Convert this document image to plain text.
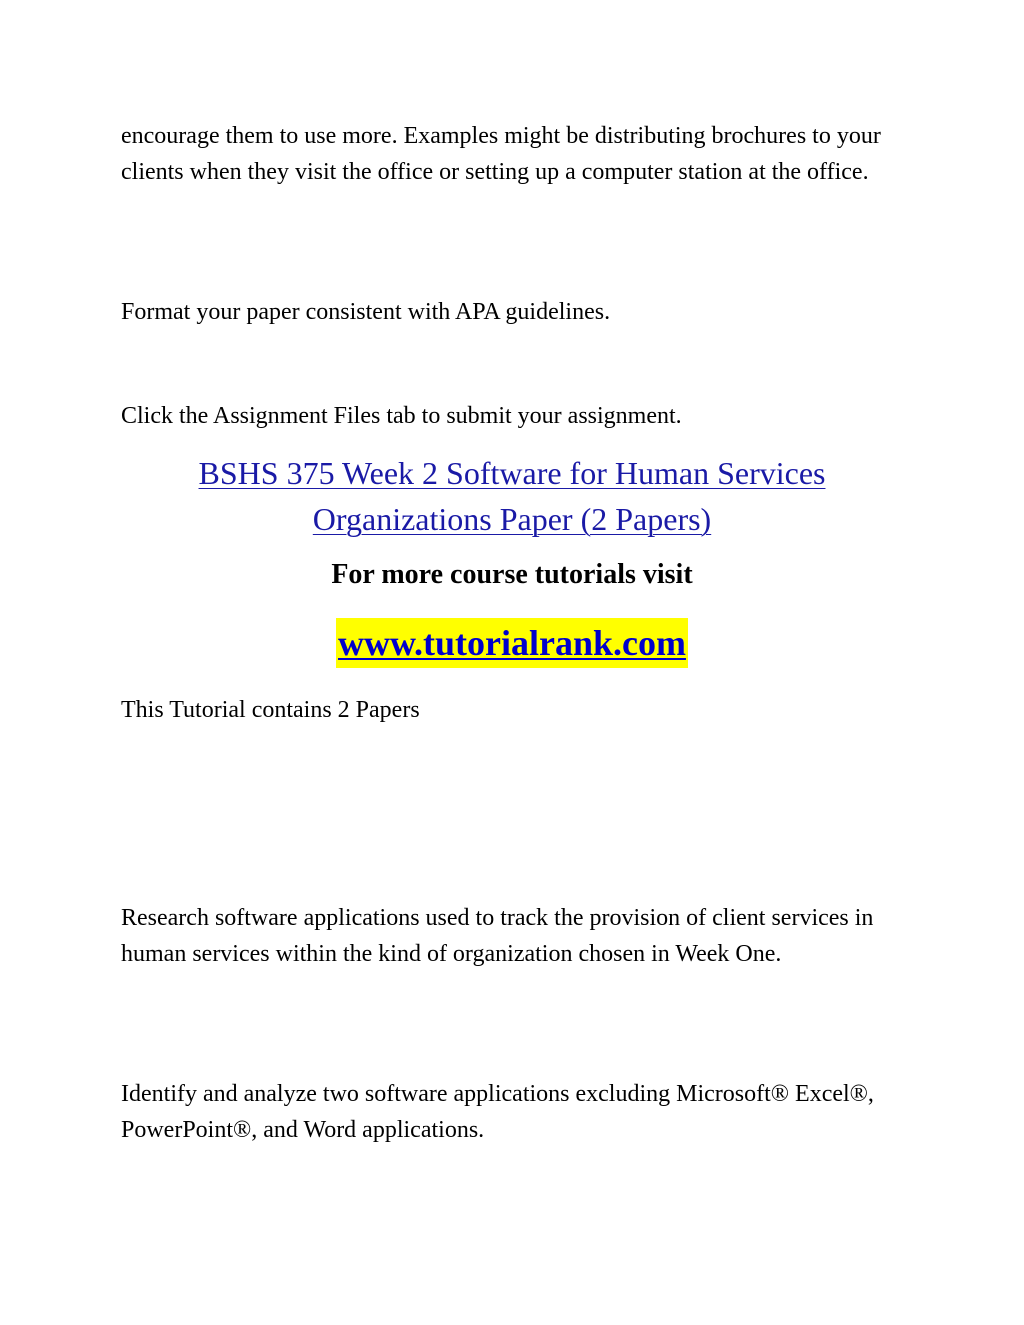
encourage them to use more. Examples might be distributing brochures to your clients when they visit the office or setting up a computer station at the office.

Format your paper consistent with APA guidelines.

Click the Assignment Files tab to submit your assignment.

BSHS 375 Week 2 Software for Human Services
Organizations Paper (2 Papers)
For more course tutorials visit
www.tutorialrank.com

This Tutorial contains 2 Papers

Research software applications used to track the provision of client services in human services within the kind of organization chosen in Week One.

Identify and analyze two software applications excluding Microsoft® Excel®, PowerPoint®, and Word applications.
